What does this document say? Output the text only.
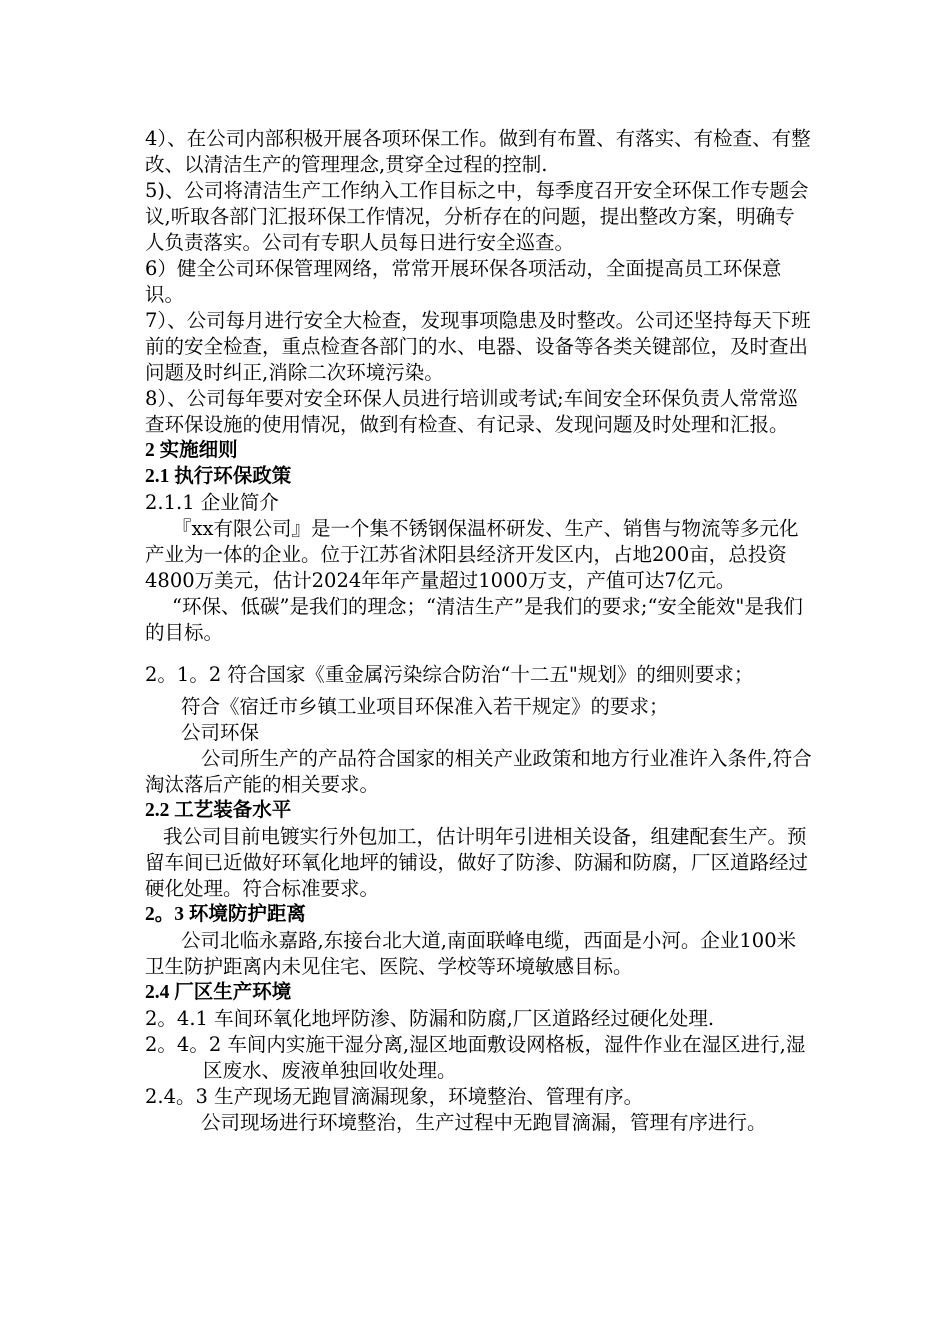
4）、在公司内部积极开展各项环保工作。做到有布置、有落实、有检查、有整改、以清洁生产的管理理念,贯穿全过程的控制.

5)、公司将清洁生产工作纳入工作目标之中，每季度召开安全环保工作专题会议,听取各部门汇报环保工作情况，分析存在的问题，提出整改方案，明确专人负责落实。公司有专职人员每日进行安全巡查。

6）健全公司环保管理网络，常常开展环保各项活动，全面提高员工环保意识。

7）、公司每月进行安全大检查，发现事项隐患及时整改。公司还坚持每天下班前的安全检查，重点检查各部门的水、电器、设备等各类关键部位，及时查出问题及时纠正,消除二次环境污染。

8）、公司每年要对安全环保人员进行培训或考试;车间安全环保负责人常常巡查环保设施的使用情况，做到有检查、有记录、发现问题及时处理和汇报。

2 实施细则

2.1 执行环保政策

2.1.1 企业简介

『xx有限公司』是一个集不锈钢保温杯研发、生产、销售与物流等多元化产业为一体的企业。位于江苏省沭阳县经济开发区内，占地200亩，总投资4800万美元，估计2024年年产量超过1000万支，产值可达7亿元。

“环保、低碳”是我们的理念；“清洁生产”是我们的要求;“安全能效"是我们的目标。

2。1。2 符合国家《重金属污染综合防治“十二五"规划》的细则要求；

符合《宿迁市乡镇工业项目环保准入若干规定》的要求；

公司环保

公司所生产的产品符合国家的相关产业政策和地方行业准许入条件,符合淘汰落后产能的相关要求。

2.2 工艺装备水平

我公司目前电镀实行外包加工，估计明年引进相关设备，组建配套生产。预留车间已近做好环氧化地坪的铺设，做好了防渗、防漏和防腐，厂区道路经过硬化处理。符合标准要求。

2。3 环境防护距离

公司北临永嘉路,东接台北大道,南面联峰电缆，西面是小河。企业100米卫生防护距离内未见住宅、医院、学校等环境敏感目标。

2.4 厂区生产环境

2。4.1 车间环氧化地坪防渗、防漏和防腐,厂区道路经过硬化处理.

2。4。2 车间内实施干湿分离,湿区地面敷设网格板，湿件作业在湿区进行,湿区废水、废液单独回收处理。

2.4。3 生产现场无跑冒滴漏现象，环境整治、管理有序。

公司现场进行环境整治，生产过程中无跑冒滴漏，管理有序进行。
